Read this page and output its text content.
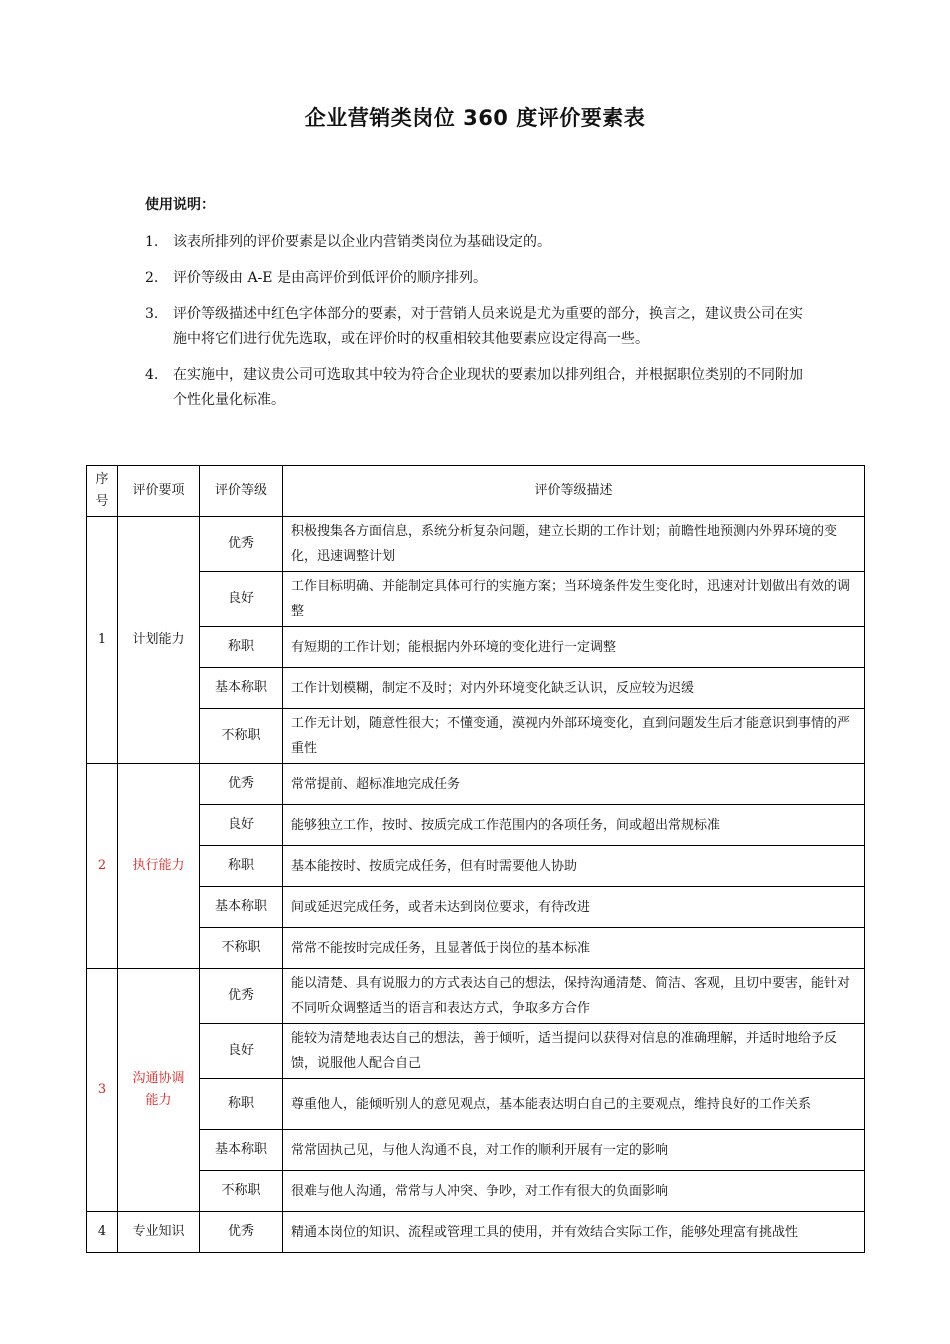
企业营销类岗位 360 度评价要素表
使用说明：
1.	该表所排列的评价要素是以企业内营销类岗位为基础设定的。
2.	评价等级由 A-E 是由高评价到低评价的顺序排列。
3.	评价等级描述中红色字体部分的要素，对于营销人员来说是尤为重要的部分，换言之，建议贵公司在实施中将它们进行优先选取，或在评价时的权重相较其他要素应设定得高一些。
4.	在实施中，建议贵公司可选取其中较为符合企业现状的要素加以排列组合，并根据职位类别的不同附加个性化量化标准。
序号	评价要项	评价等级	评价等级描述
1	计划能力	优秀	积极搜集各方面信息，系统分析复杂问题，建立长期的工作计划；前瞻性地预测内外界环境的变化，迅速调整计划
		良好	工作目标明确、并能制定具体可行的实施方案；当环境条件发生变化时，迅速对计划做出有效的调整
		称职	有短期的工作计划；能根据内外环境的变化进行一定调整
		基本称职	工作计划模糊，制定不及时；对内外环境变化缺乏认识，反应较为迟缓
		不称职	工作无计划，随意性很大；不懂变通，漠视内外部环境变化，直到问题发生后才能意识到事情的严重性
2	执行能力	优秀	常常提前、超标准地完成任务
		良好	能够独立工作，按时、按质完成工作范围内的各项任务，间或超出常规标准
		称职	基本能按时、按质完成任务，但有时需要他人协助
		基本称职	间或延迟完成任务，或者未达到岗位要求，有待改进
		不称职	常常不能按时完成任务，且显著低于岗位的基本标准
3	沟通协调能力	优秀	能以清楚、具有说服力的方式表达自己的想法，保持沟通清楚、简洁、客观，且切中要害，能针对不同听众调整适当的语言和表达方式，争取多方合作
		良好	能较为清楚地表达自己的想法，善于倾听，适当提问以获得对信息的准确理解，并适时地给予反馈，说服他人配合自己
		称职	尊重他人，能倾听别人的意见观点，基本能表达明白自己的主要观点，维持良好的工作关系
		基本称职	常常固执己见，与他人沟通不良，对工作的顺利开展有一定的影响
		不称职	很难与他人沟通，常常与人冲突、争吵，对工作有很大的负面影响
4	专业知识	优秀	精通本岗位的知识、流程或管理工具的使用，并有效结合实际工作，能够处理富有挑战性
